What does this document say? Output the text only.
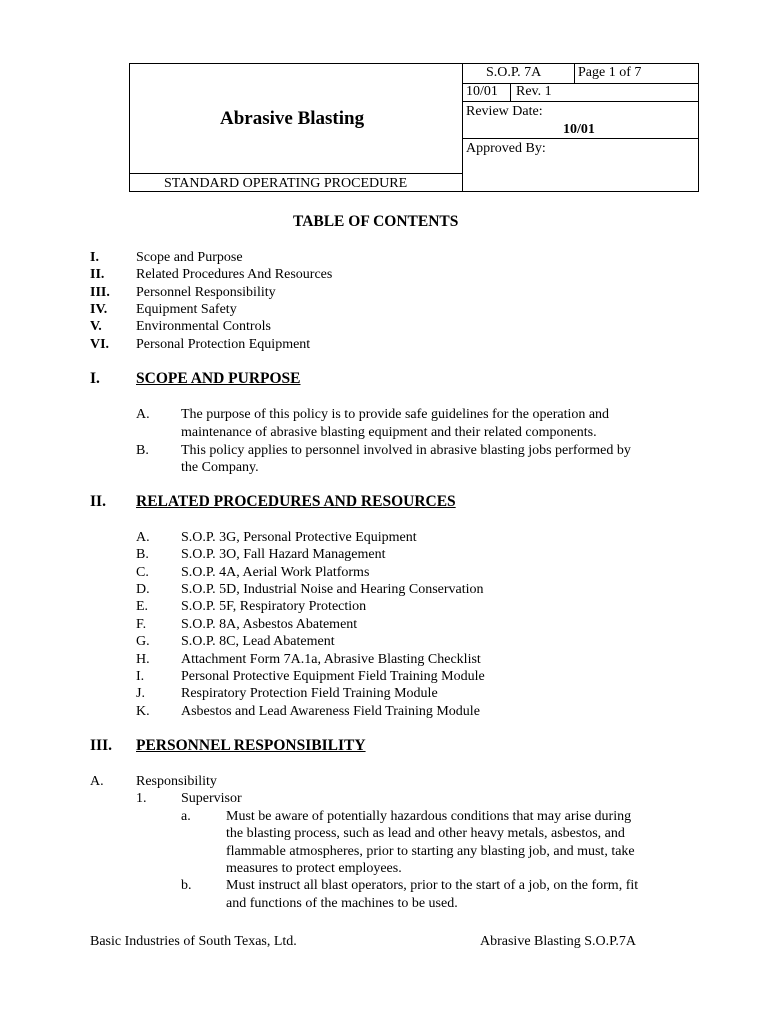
Abrasive Blasting
STANDARD OPERATING PROCEDURE
S.O.P. 7A	Page 1 of 7
10/01 Rev. 1
Review Date:
10/01
Approved By:
TABLE OF CONTENTS
I.	Scope and Purpose
II. Related Procedures And Resources
III. Personnel Responsibility
IV. Equipment Safety
V. Environmental Controls
VI. Personal Protection Equipment
I. SCOPE AND PURPOSE
A. The purpose of this policy is to provide safe guidelines for the operation and
maintenance of abrasive blasting equipment and their related components.
B. This policy applies to personnel involved in abrasive blasting jobs performed by
the Company.
II. RELATED PROCEDURES AND RESOURCES
A. S.O.P. 3G, Personal Protective Equipment
B. S.O.P. 3O, Fall Hazard Management
C. S.O.P. 4A, Aerial Work Platforms
D. S.O.P. 5D, Industrial Noise and Hearing Conservation
E. S.O.P. 5F, Respiratory Protection
F. S.O.P. 8A, Asbestos Abatement
G. S.O.P. 8C, Lead Abatement
H. Attachment Form 7A.1a, Abrasive Blasting Checklist
I.	Personal Protective Equipment Field Training Module
J.	Respiratory Protection Field Training Module
K. Asbestos and Lead Awareness Field Training Module
III. PERSONNEL RESPONSIBILITY
A. Responsibility
1. Supervisor
a.	Must be aware of potentially hazardous conditions that may arise during
the blasting process, such as lead and other heavy metals, asbestos, and
flammable atmospheres, prior to starting any blasting job, and must, take
measures to protect employees.
b. Must instruct all blast operators, prior to the start of a job, on the form, fit
and functions of the machines to be used.
Basic Industries of South Texas, Ltd.	Abrasive Blasting S.O.P.7A
